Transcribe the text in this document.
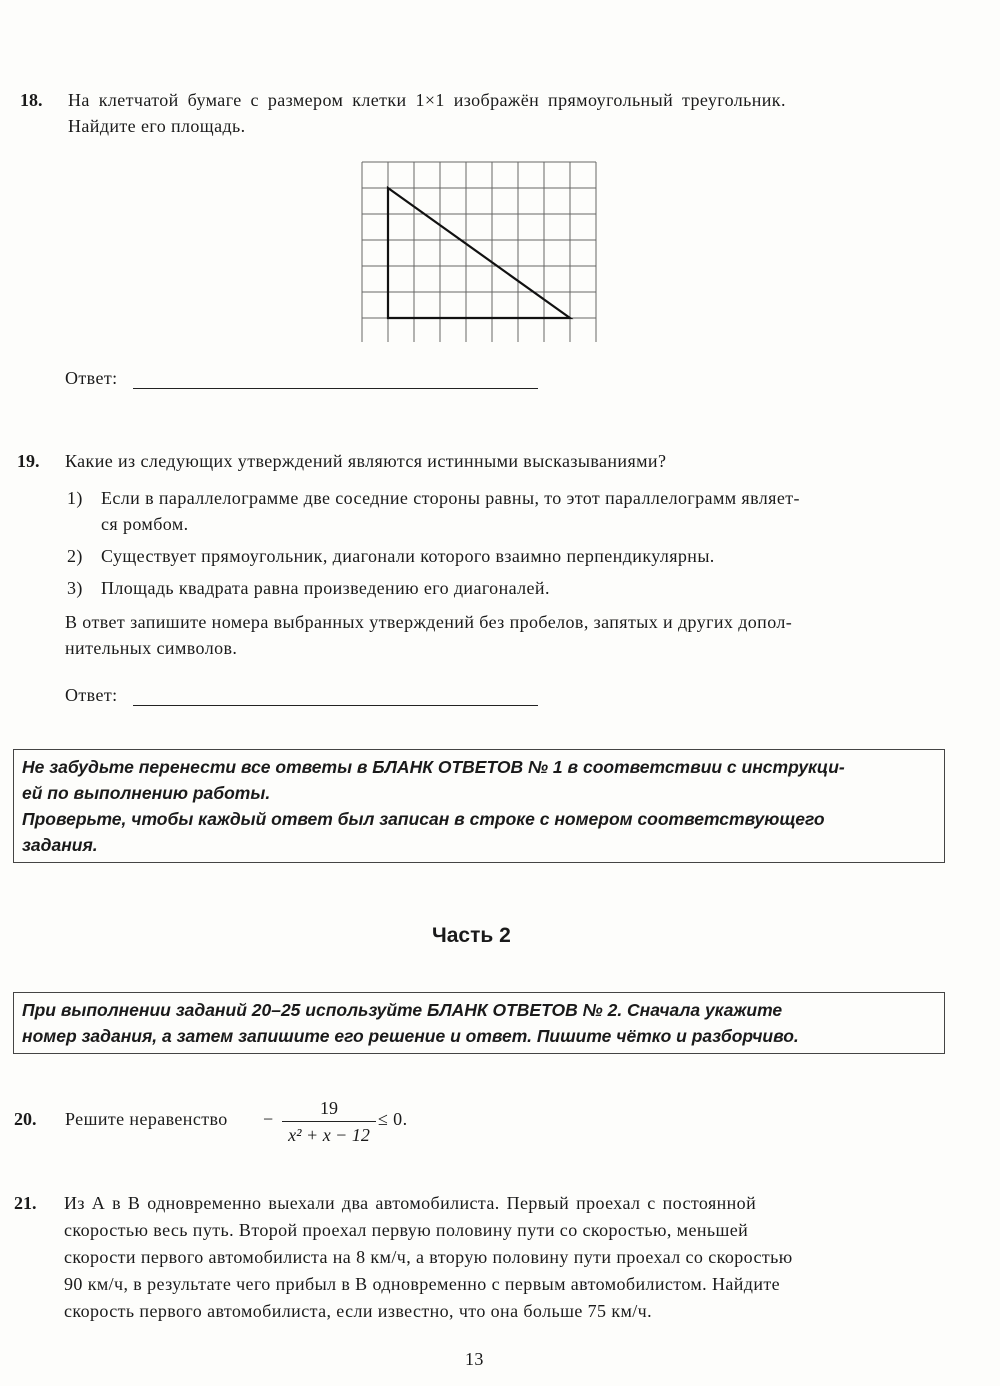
18. На клетчатой бумаге с размером клетки 1×1 изображён прямоугольный треугольник.
Найдите его площадь.
Ответ:
19. Какие из следующих утверждений являются истинными высказываниями?
1) Если в параллелограмме две соседние стороны равны, то этот параллелограмм являет-
ся ромбом.
2) Существует прямоугольник, диагонали которого взаимно перпендикулярны.
3) Площадь квадрата равна произведению его диагоналей.
В ответ запишите номера выбранных утверждений без пробелов, запятых и других допол-
нительных символов.
Ответ:
Не забудьте перенести все ответы в БЛАНК ОТВЕТОВ № 1 в соответствии с инструкци-
ей по выполнению работы.
Проверьте, чтобы каждый ответ был записан в строке с номером соответствующего
задания.
Часть 2
При выполнении заданий 20–25 используйте БЛАНК ОТВЕТОВ № 2. Сначала укажите
номер задания, а затем запишите его решение и ответ. Пишите чётко и разборчиво.
20. Решите неравенство −
19
x² + x − 12
≤ 0.
21. Из А в В одновременно выехали два автомобилиста. Первый проехал с постоянной
скоростью весь путь. Второй проехал первую половину пути со скоростью, меньшей
скорости первого автомобилиста на 8 км/ч, а вторую половину пути проехал со скоростью
90 км/ч, в результате чего прибыл в В одновременно с первым автомобилистом. Найдите
скорость первого автомобилиста, если известно, что она больше 75 км/ч.
13
